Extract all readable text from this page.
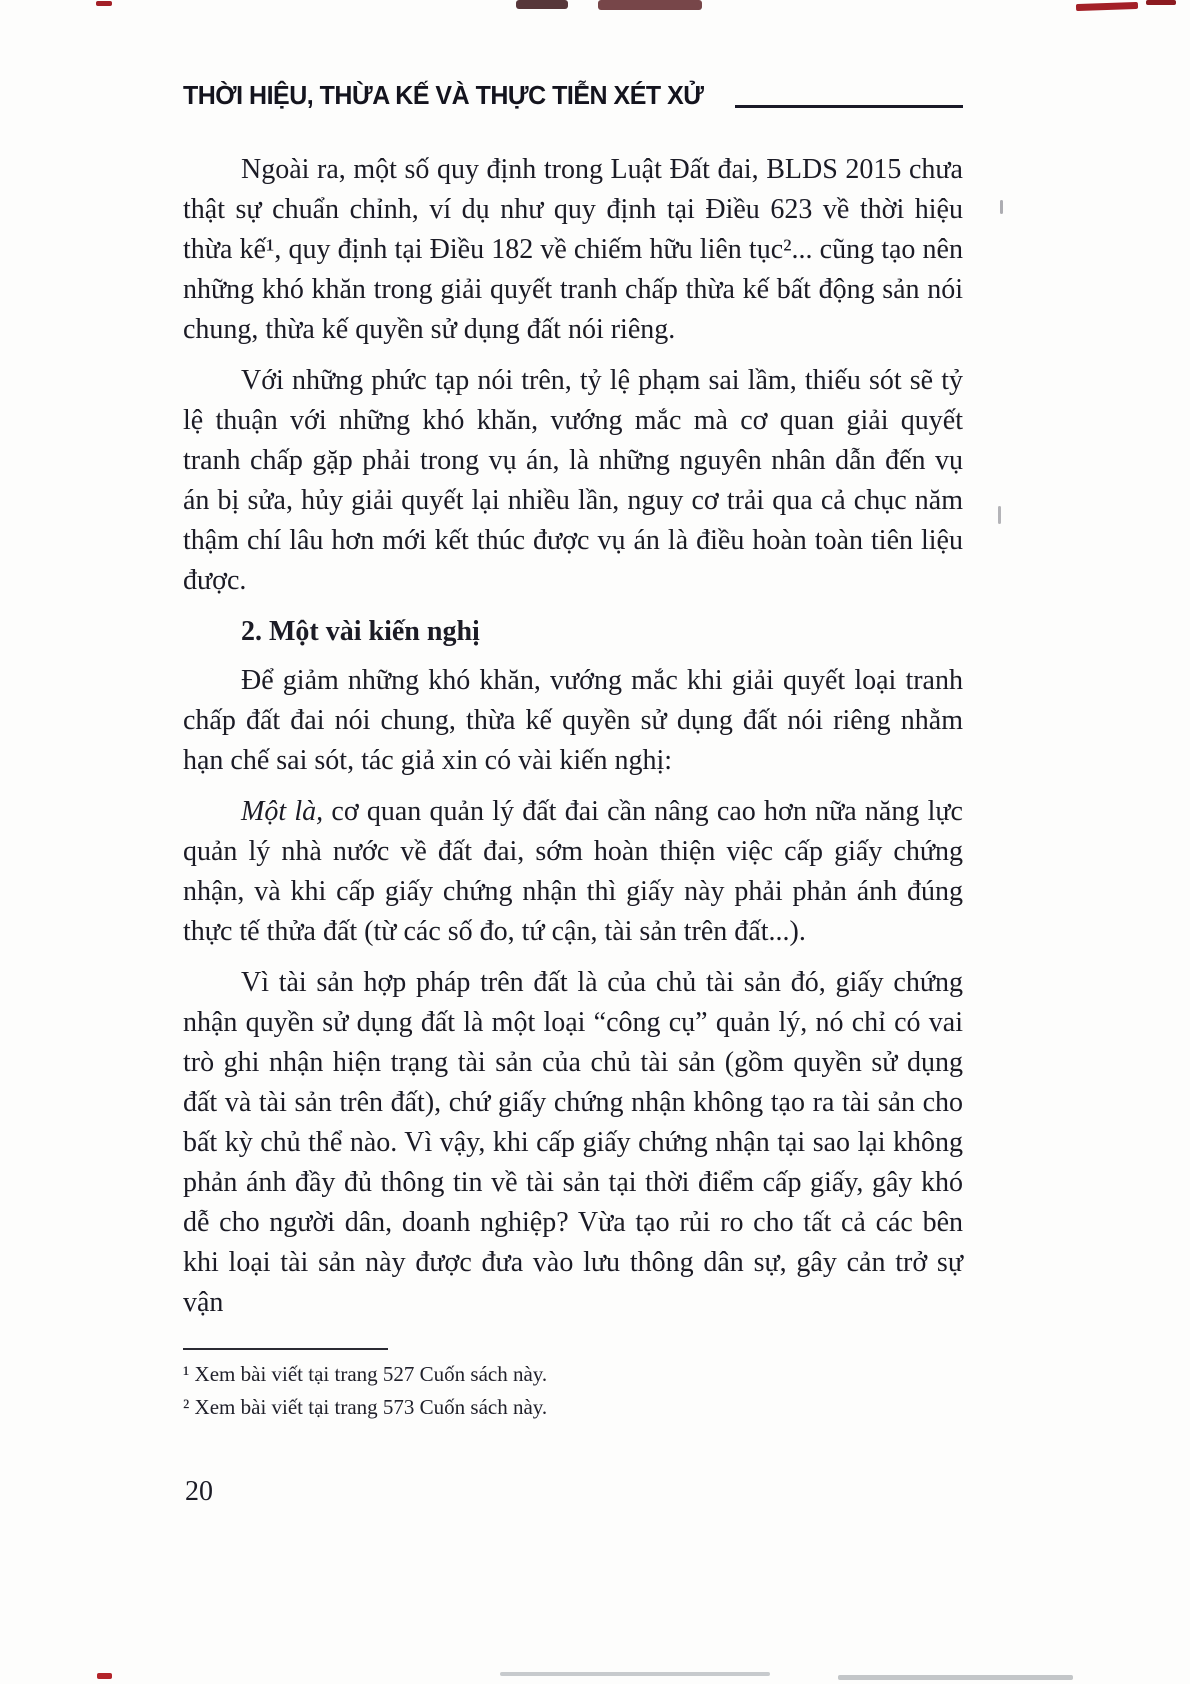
THỜI HIỆU, THỪA KẾ VÀ THỰC TIỄN XÉT XỬ

Ngoài ra, một số quy định trong Luật Đất đai, BLDS 2015 chưa thật sự chuẩn chỉnh, ví dụ như quy định tại Điều 623 về thời hiệu thừa kế¹, quy định tại Điều 182 về chiếm hữu liên tục²... cũng tạo nên những khó khăn trong giải quyết tranh chấp thừa kế bất động sản nói chung, thừa kế quyền sử dụng đất nói riêng.

Với những phức tạp nói trên, tỷ lệ phạm sai lầm, thiếu sót sẽ tỷ lệ thuận với những khó khăn, vướng mắc mà cơ quan giải quyết tranh chấp gặp phải trong vụ án, là những nguyên nhân dẫn đến vụ án bị sửa, hủy giải quyết lại nhiều lần, nguy cơ trải qua cả chục năm thậm chí lâu hơn mới kết thúc được vụ án là điều hoàn toàn tiên liệu được.

2. Một vài kiến nghị

Để giảm những khó khăn, vướng mắc khi giải quyết loại tranh chấp đất đai nói chung, thừa kế quyền sử dụng đất nói riêng nhằm hạn chế sai sót, tác giả xin có vài kiến nghị:

Một là, cơ quan quản lý đất đai cần nâng cao hơn nữa năng lực quản lý nhà nước về đất đai, sớm hoàn thiện việc cấp giấy chứng nhận, và khi cấp giấy chứng nhận thì giấy này phải phản ánh đúng thực tế thửa đất (từ các số đo, tứ cận, tài sản trên đất...).

Vì tài sản hợp pháp trên đất là của chủ tài sản đó, giấy chứng nhận quyền sử dụng đất là một loại “công cụ” quản lý, nó chỉ có vai trò ghi nhận hiện trạng tài sản của chủ tài sản (gồm quyền sử dụng đất và tài sản trên đất), chứ giấy chứng nhận không tạo ra tài sản cho bất kỳ chủ thể nào. Vì vậy, khi cấp giấy chứng nhận tại sao lại không phản ánh đầy đủ thông tin về tài sản tại thời điểm cấp giấy, gây khó dễ cho người dân, doanh nghiệp? Vừa tạo rủi ro cho tất cả các bên khi loại tài sản này được đưa vào lưu thông dân sự, gây cản trở sự vận

¹ Xem bài viết tại trang 527 Cuốn sách này.

² Xem bài viết tại trang 573 Cuốn sách này.

20
